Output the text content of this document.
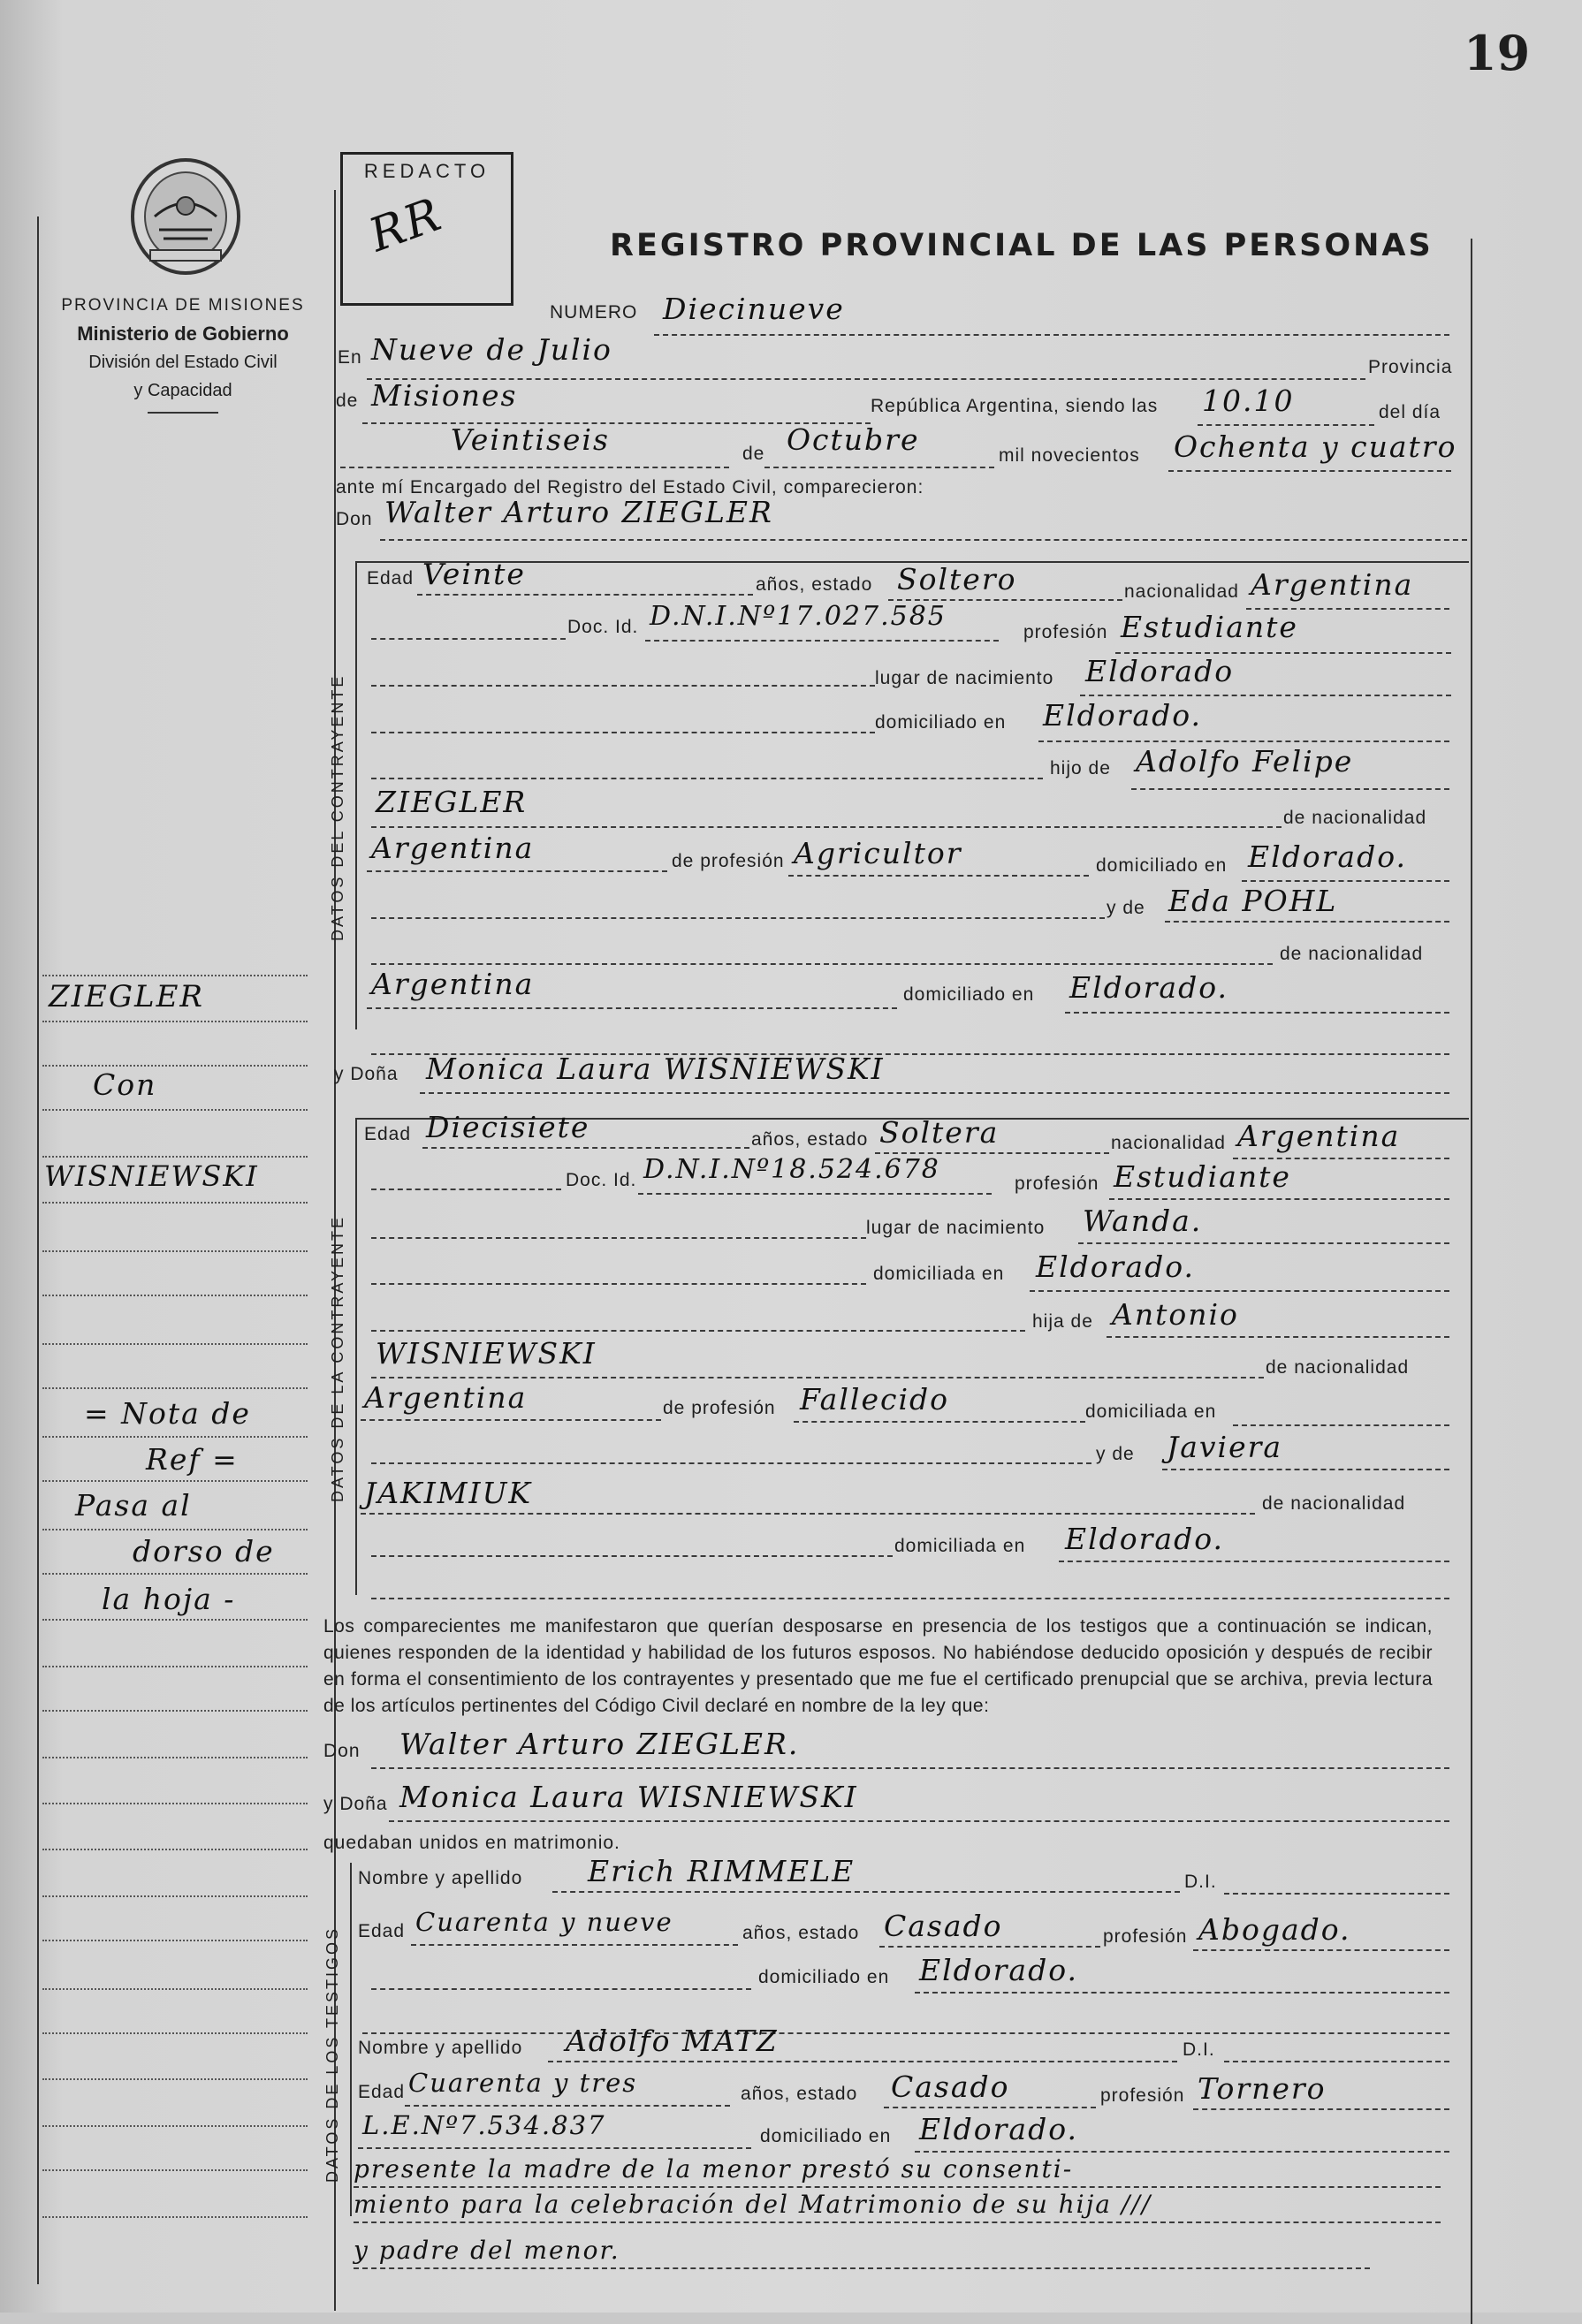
19
PROVINCIA DE MISIONES
Ministerio de Gobierno
División del Estado Civil
y Capacidad
REDACTO
RR	REGISTRO PROVINCIAL DE LAS PERSONAS
NUMERO Diecinueve
En Nueve de Julio
Provincia
de Misiones	República Argentina, siendo las 10.10	del día
Veintiseis	de Octubre	mil novecientos Ochenta y cuatro
ante mí Encargado del Registro del Estado Civil, comparecieron:
Don Walter Arturo ZIEGLER
DATOS DEL CONTRAYENTE
Edad Veinte	años, estado Soltero	nacionalidad Argentina
Doc. Id. D.N.I.Nº17.027.585
profesión Estudiante
lugar de nacimiento Eldorado
domiciliado en Eldorado.
hijo de Adolfo Felipe
ZIEGLER	de nacionalidad
Argentina	de profesión Agricultor	domiciliado en Eldorado.
y de Eda POHL
de nacionalidad
Argentina	domiciliado en Eldorado.
y Doña Monica Laura WISNIEWSKI
DATOS DE LA CONTRAYENTE
Edad Diecisiete	años, estado Soltera	nacionalidad Argentina
Doc. Id. D.N.I.Nº18.524.678	profesión Estudiante
lugar de nacimiento Wanda.
domiciliada en Eldorado.
hija de Antonio
WISNIEWSKI	de nacionalidad
Argentina	de profesión Fallecido	domiciliada en
y de Javiera
JAKIMIUK	de nacionalidad
domiciliada en Eldorado.
Los comparecientes me manifestaron que querían desposarse en presencia de los testigos que a continuación se indican, quienes responden de la identidad y habilidad de los futuros esposos. No habiéndose deducido oposición y después de recibir en forma el consentimiento de los contrayentes y presentado que me fue el certificado prenupcial que se archiva, previa lectura de los artículos pertinentes del Código Civil declaré en nombre de la ley que:
Don Walter Arturo ZIEGLER.
y Doña Monica Laura WISNIEWSKI
quedaban unidos en matrimonio.
DATOS DE LOS TESTIGOS
Nombre y apellido Erich RIMMELE	D.I.
Edad Cuarenta y nueve	años, estado Casado	profesión Abogado.
domiciliado en Eldorado.
Nombre y apellido Adolfo MATZ	D.I.
Edad Cuarenta y tres	años, estado Casado	profesión Tornero
L.E.Nº7.534.837	domiciliado en Eldorado.
presente la madre de la menor prestó su consenti-
miento para la celebración del Matrimonio de su hija ///
y padre del menor.
ZIEGLER
Con
WISNIEWSKI
= Nota de
Ref =
Pasa al
dorso de
la hoja -
